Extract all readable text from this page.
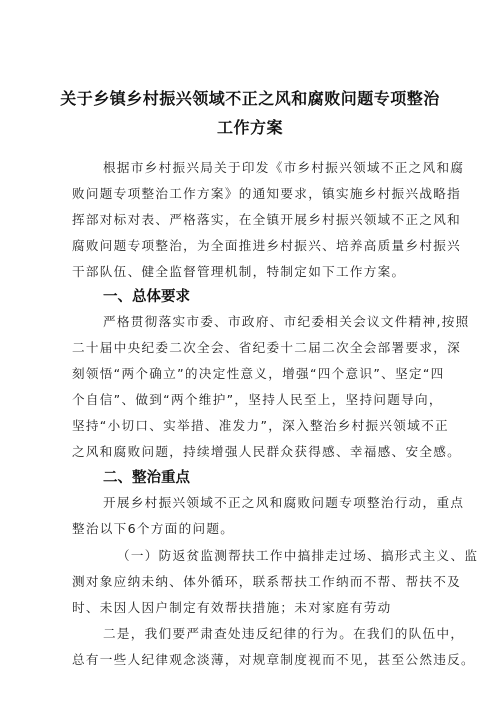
关于乡镇乡村振兴领域不正之风和腐败问题专项整治
工作方案
根据市乡村振兴局关于印发《市乡村振兴领域不正之风和腐
败问题专项整治工作方案》的通知要求，镇实施乡村振兴战略指
挥部对标对表、严格落实，在全镇开展乡村振兴领域不正之风和
腐败问题专项整治，为全面推进乡村振兴、培养高质量乡村振兴
干部队伍、健全监督管理机制，特制定如下工作方案。
一、总体要求
严格贯彻落实市委、市政府、市纪委相关会议文件精神,按照
二十届中央纪委二次全会、省纪委十二届二次全会部署要求，深
刻领悟“两个确立”的决定性意义，增强“四个意识”、坚定“四
个自信”、做到“两个维护”，坚持人民至上，坚持问题导向，
坚持“小切口、实举措、准发力”，深入整治乡村振兴领域不正
之风和腐败问题，持续增强人民群众获得感、幸福感、安全感。
二、整治重点
开展乡村振兴领域不正之风和腐败问题专项整治行动，重点
整治以下6个方面的问题。
（一）防返贫监测帮扶工作中搞排走过场、搞形式主义、监
测对象应纳未纳、体外循环，联系帮扶工作纳而不帮、帮扶不及
时、未因人因户制定有效帮扶措施；未对家庭有劳动
二是，我们要严肃查处违反纪律的行为。在我们的队伍中，
总有一些人纪律观念淡薄，对规章制度视而不见，甚至公然违反。
